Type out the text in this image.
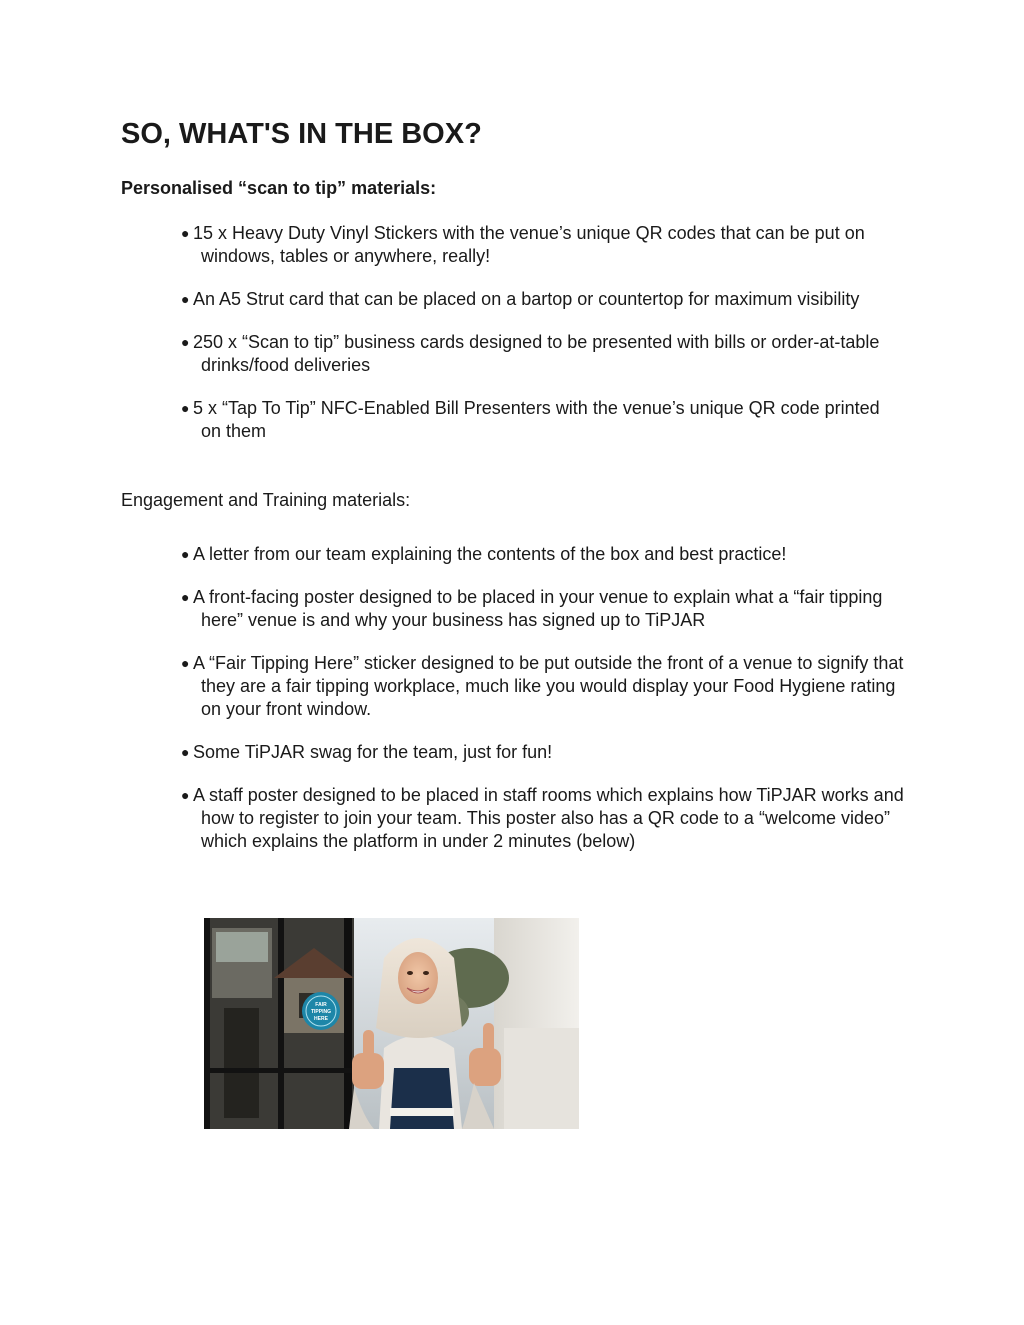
SO, WHAT'S IN THE BOX?

Personalised “scan to tip” materials:

● 15 x Heavy Duty Vinyl Stickers with the venue’s unique QR codes that can be put on windows, tables or anywhere, really!
● An A5 Strut card that can be placed on a bartop or countertop for maximum visibility
● 250 x “Scan to tip” business cards designed to be presented with bills or order-at-table drinks/food deliveries
● 5 x “Tap To Tip” NFC-Enabled Bill Presenters with the venue’s unique QR code printed on them

Engagement and Training materials:

● A letter from our team explaining the contents of the box and best practice!
● A front-facing poster designed to be placed in your venue to explain what a “fair tipping here” venue is and why your business has signed up to TiPJAR
● A “Fair Tipping Here” sticker designed to be put outside the front of a venue to signify that they are a fair tipping workplace, much like you would display your Food Hygiene rating on your front window.
● Some TiPJAR swag for the team, just for fun!
● A staff poster designed to be placed in staff rooms which explains how TiPJAR works and how to register to join your team. This poster also has a QR code to a “welcome video” which explains the platform in under 2 minutes (below)
FAIR
TIPPING
HERE
